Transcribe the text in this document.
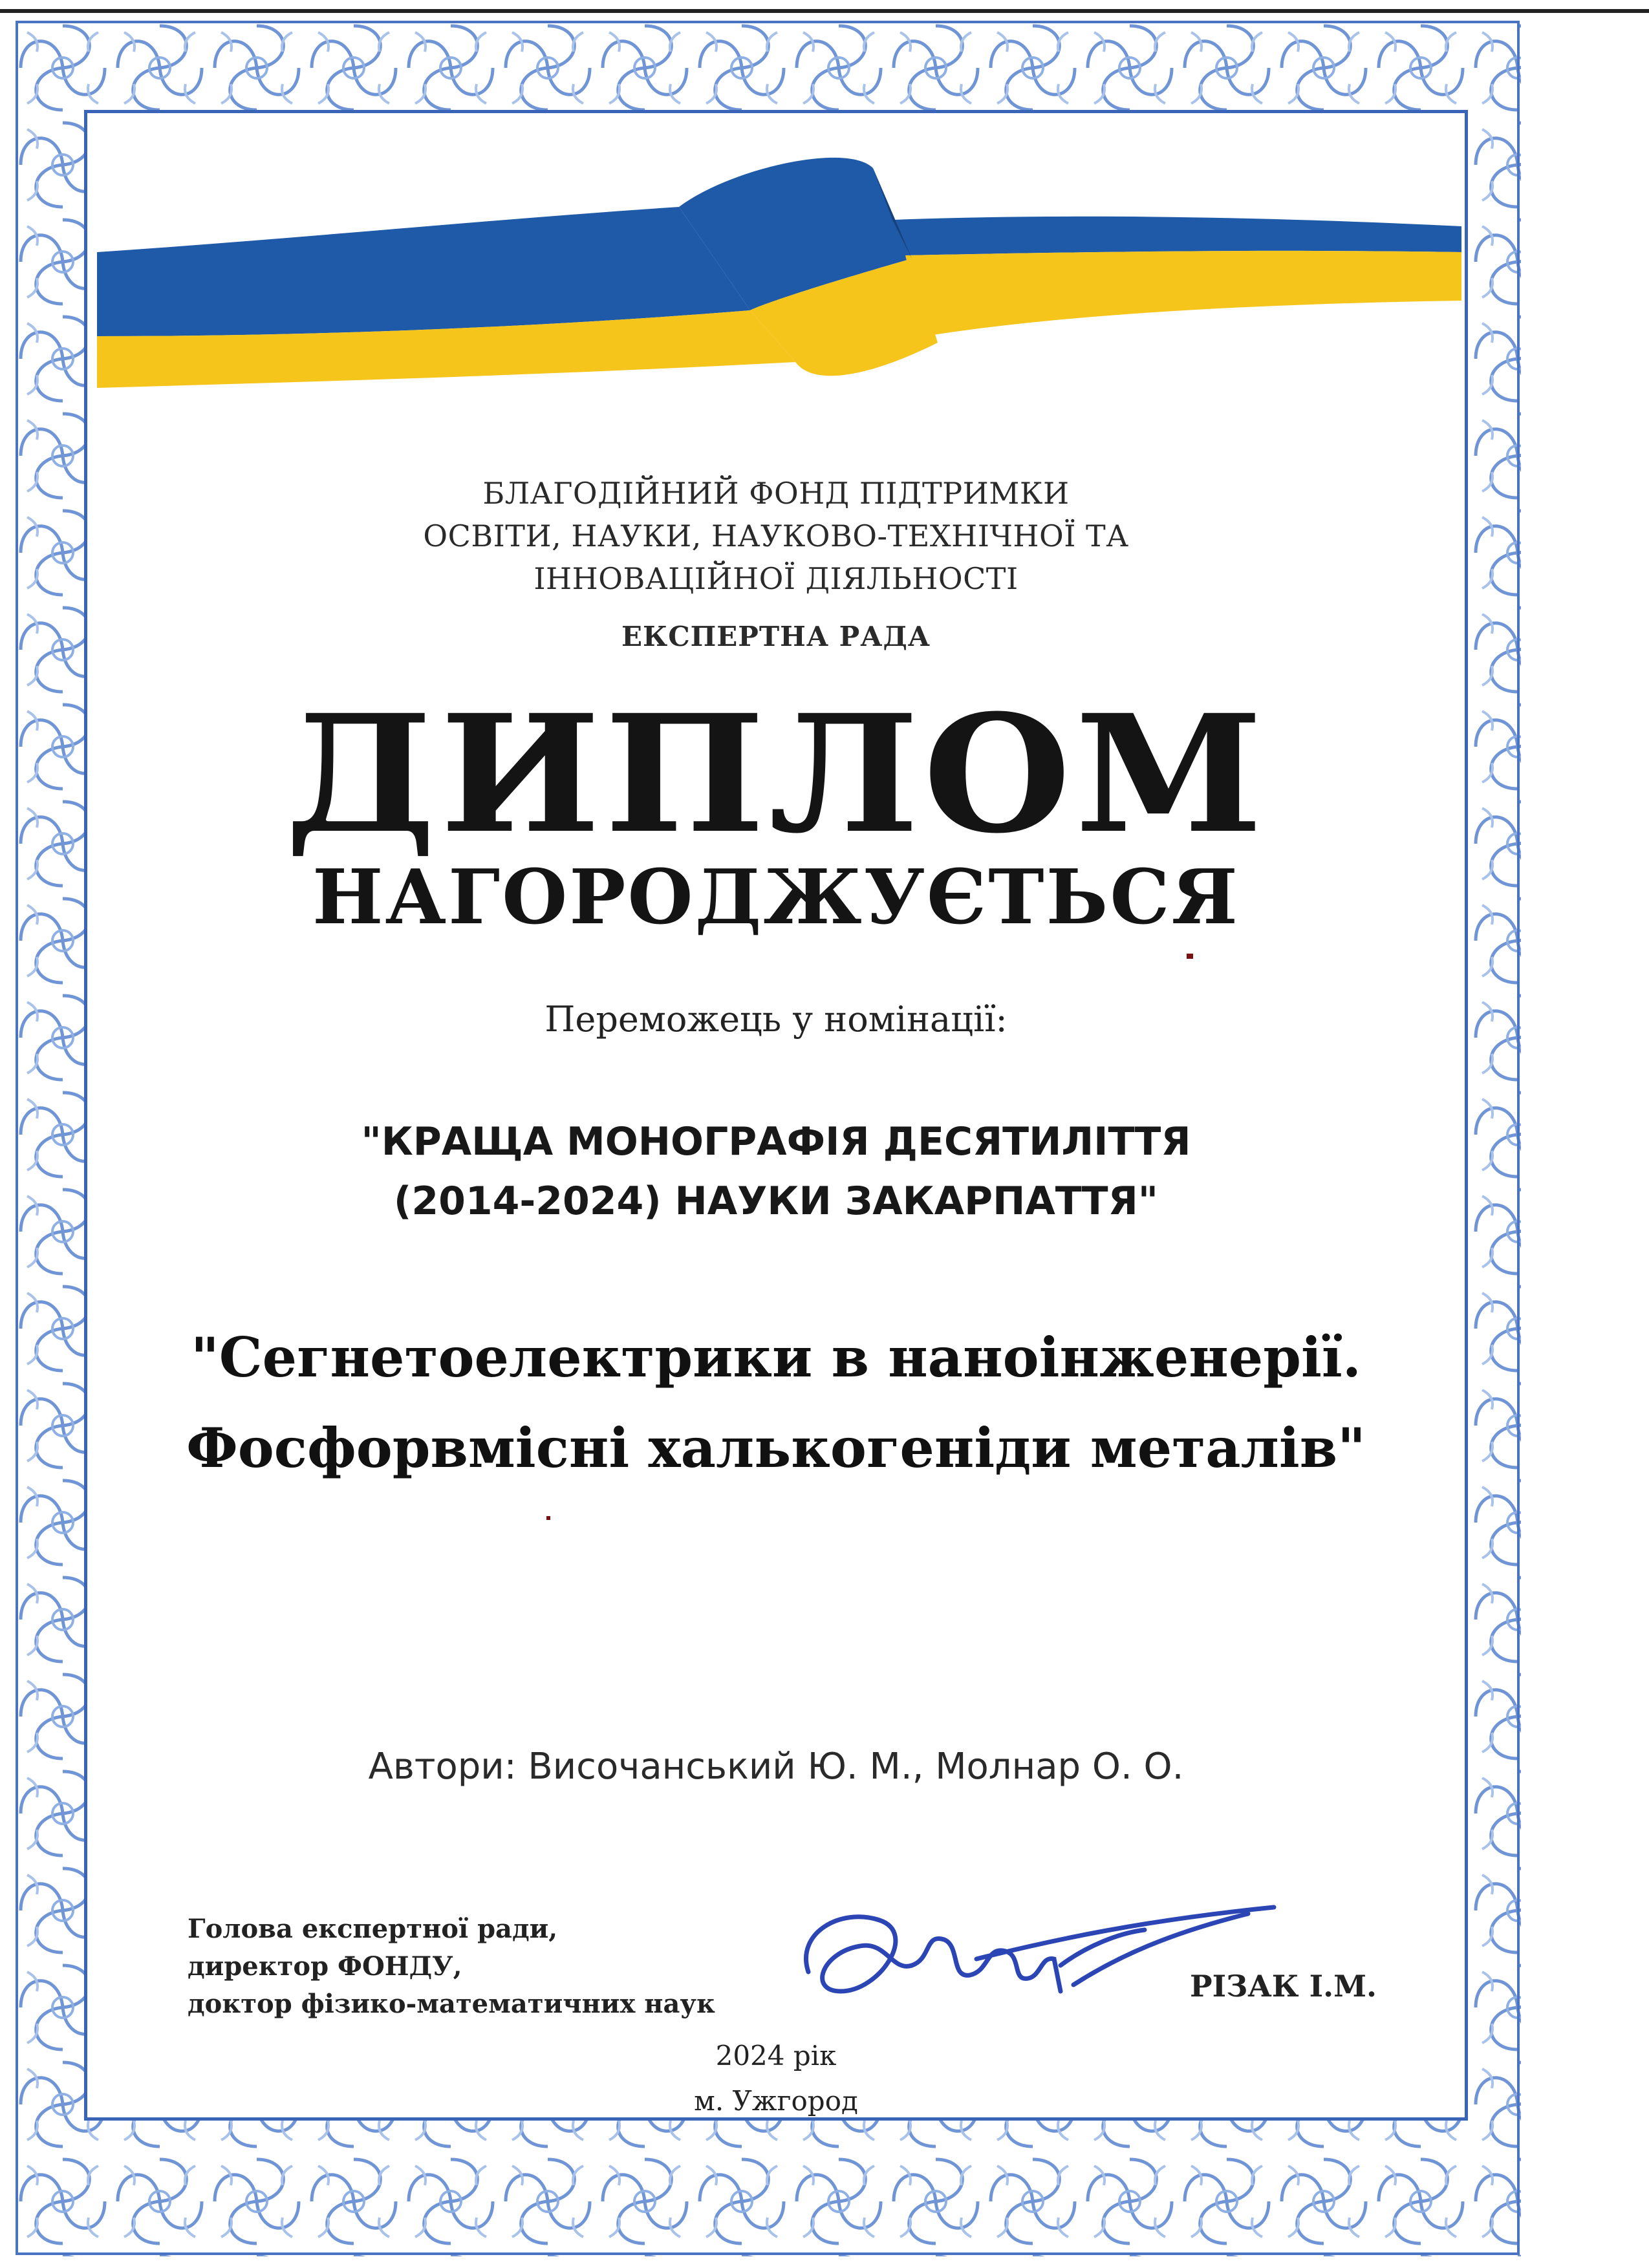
БЛАГОДІЙНИЙ ФОНД ПІДТРИМКИ
ОСВІТИ, НАУКИ, НАУКОВО-ТЕХНІЧНОЇ ТА
ІННОВАЦІЙНОЇ ДІЯЛЬНОСТІ
ЕКСПЕРТНА РАДА
ДИПЛОМ
НАГОРОДЖУЄТЬСЯ
Переможець у номінації:
"КРАЩА МОНОГРАФІЯ ДЕСЯТИЛІТТЯ
(2014-2024) НАУКИ ЗАКАРПАТТЯ"
"Сегнетоелектрики в наноінженерії.
Фосфорвмісні халькогеніди металів"
Автори: Височанський Ю. М., Молнар О. О.
Голова експертної ради,
директор ФОНДУ,
доктор фізико-математичних наук
РІЗАК І.М.
2024 рік
м. Ужгород
